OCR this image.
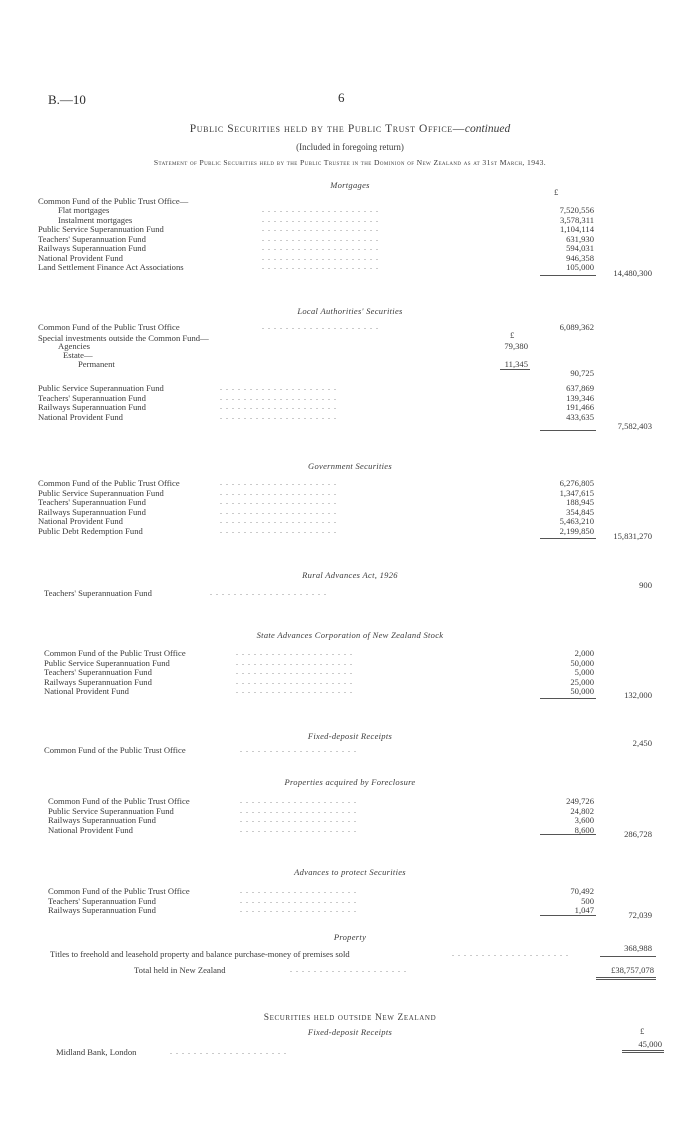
B.—10	6
Public Securities held by the Public Trust Office—continued
(Included in foregoing return)
Statement of Public Securities held by the Public Trustee in the Dominion of New Zealand as at 31st March, 1943.
Mortgages
£
Common Fund of the Public Trust Office—
Flat mortgages	. . . . . . . . . . . . . . . . . . . .	7,520,556
Instalment mortgages	. . . . . . . . . . . . . . . . . . . .	3,578,311
Public Service Superannuation Fund	. . . . . . . . . . . . . . . . . . . .	1,104,114
Teachers' Superannuation Fund	. . . . . . . . . . . . . . . . . . . .	631,930
Railways Superannuation Fund	. . . . . . . . . . . . . . . . . . . .	594,031
National Provident Fund	. . . . . . . . . . . . . . . . . . . .	946,358
Land Settlement Finance Act Associations	. . . . . . . . . . . . . . . . . . . .	105,000
14,480,300
Local Authorities' Securities
Common Fund of the Public Trust Office	. . . . . . . . . . . . . . . . . . . .	6,089,362
£
Special investments outside the Common Fund—
Agencies	79,380
Estate—
Permanent	11,345
90,725
Public Service Superannuation Fund	. . . . . . . . . . . . . . . . . . . .	637,869
Teachers' Superannuation Fund	. . . . . . . . . . . . . . . . . . . .	139,346
Railways Superannuation Fund	. . . . . . . . . . . . . . . . . . . .	191,466
National Provident Fund	. . . . . . . . . . . . . . . . . . . .	433,635
7,582,403
Government Securities
Common Fund of the Public Trust Office	. . . . . . . . . . . . . . . . . . . .	6,276,805
Public Service Superannuation Fund	. . . . . . . . . . . . . . . . . . . .	1,347,615
Teachers' Superannuation Fund	. . . . . . . . . . . . . . . . . . . .	188,945
Railways Superannuation Fund	. . . . . . . . . . . . . . . . . . . .	354,845
National Provident Fund	. . . . . . . . . . . . . . . . . . . .	5,463,210
Public Debt Redemption Fund	. . . . . . . . . . . . . . . . . . . .	2,199,850
15,831,270
Rural Advances Act, 1926
Teachers' Superannuation Fund	. . . . . . . . . . . . . . . . . . . .
900
State Advances Corporation of New Zealand Stock
Common Fund of the Public Trust Office	. . . . . . . . . . . . . . . . . . . .	2,000
Public Service Superannuation Fund	. . . . . . . . . . . . . . . . . . . .	50,000
Teachers' Superannuation Fund	. . . . . . . . . . . . . . . . . . . .	5,000
Railways Superannuation Fund	. . . . . . . . . . . . . . . . . . . .	25,000
National Provident Fund	. . . . . . . . . . . . . . . . . . . .	50,000	132,000
Fixed-deposit Receipts
Common Fund of the Public Trust Office	. . . . . . . . . . . . . . . . . . . .
2,450
Properties acquired by Foreclosure
Common Fund of the Public Trust Office	. . . . . . . . . . . . . . . . . . . .	249,726
Public Service Superannuation Fund	. . . . . . . . . . . . . . . . . . . .	24,802
Railways Superannuation Fund	. . . . . . . . . . . . . . . . . . . .	3,600
National Provident Fund	. . . . . . . . . . . . . . . . . . . .	8,600	286,728
Advances to protect Securities
Common Fund of the Public Trust Office	. . . . . . . . . . . . . . . . . . . .	70,492
Teachers' Superannuation Fund	. . . . . . . . . . . . . . . . . . . .	500
Railways Superannuation Fund	. . . . . . . . . . . . . . . . . . . .	1,047	72,039
Property
Titles to freehold and leasehold property and balance purchase-money of premises sold	. . . . . . . . . . . . . . . . . . . .
368,988
Total held in New Zealand	. . . . . . . . . . . . . . . . . . . .	£38,757,078
Securities held outside New Zealand
Fixed-deposit Receipts	£
Midland Bank, London	. . . . . . . . . . . . . . . . . . . .
45,000
